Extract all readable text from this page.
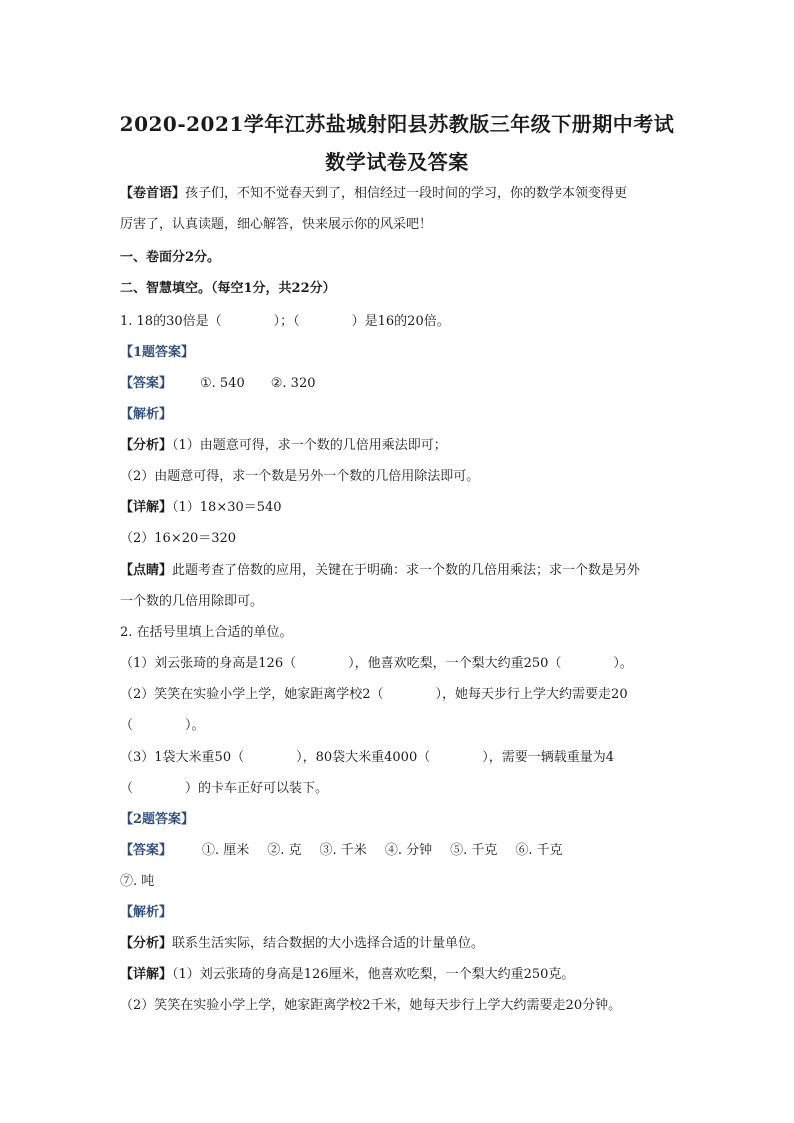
2020-2021学年江苏盐城射阳县苏教版三年级下册期中考试
数学试卷及答案
【卷首语】孩子们，不知不觉春天到了，相信经过一段时间的学习，你的数学本领变得更
厉害了，认真读题，细心解答，快来展示你的风采吧！
一、卷面分2分。
二、智慧填空。（每空1分，共22分）
1. 18的30倍是（	）；（	）是16的20倍。
【1题答案】
【答案】 ①. 540 ②. 320
【解析】
【分析】（1）由题意可得，求一个数的几倍用乘法即可；
（2）由题意可得，求一个数是另外一个数的几倍用除法即可。
【详解】（1）18×30＝540
（2）16×20＝320
【点睛】此题考查了倍数的应用，关键在于明确：求一个数的几倍用乘法；求一个数是另外
一个数的几倍用除即可。
2. 在括号里填上合适的单位。
（1）刘云张琦的身高是126（	），他喜欢吃梨，一个梨大约重250（	）。
（2）笑笑在实验小学上学，她家距离学校2（	），她每天步行上学大约需要走20
（	）。
（3）1袋大米重50（	），80袋大米重4000（	），需要一辆载重量为4
（	）的卡车正好可以装下。
【2题答案】
【答案】 ①. 厘米 ②. 克 ③. 千米 ④. 分钟 ⑤. 千克 ⑥. 千克
⑦. 吨
【解析】
【分析】联系生活实际，结合数据的大小选择合适的计量单位。
【详解】（1）刘云张琦的身高是126厘米，他喜欢吃梨，一个梨大约重250克。
（2）笑笑在实验小学上学，她家距离学校2千米，她每天步行上学大约需要走20分钟。
